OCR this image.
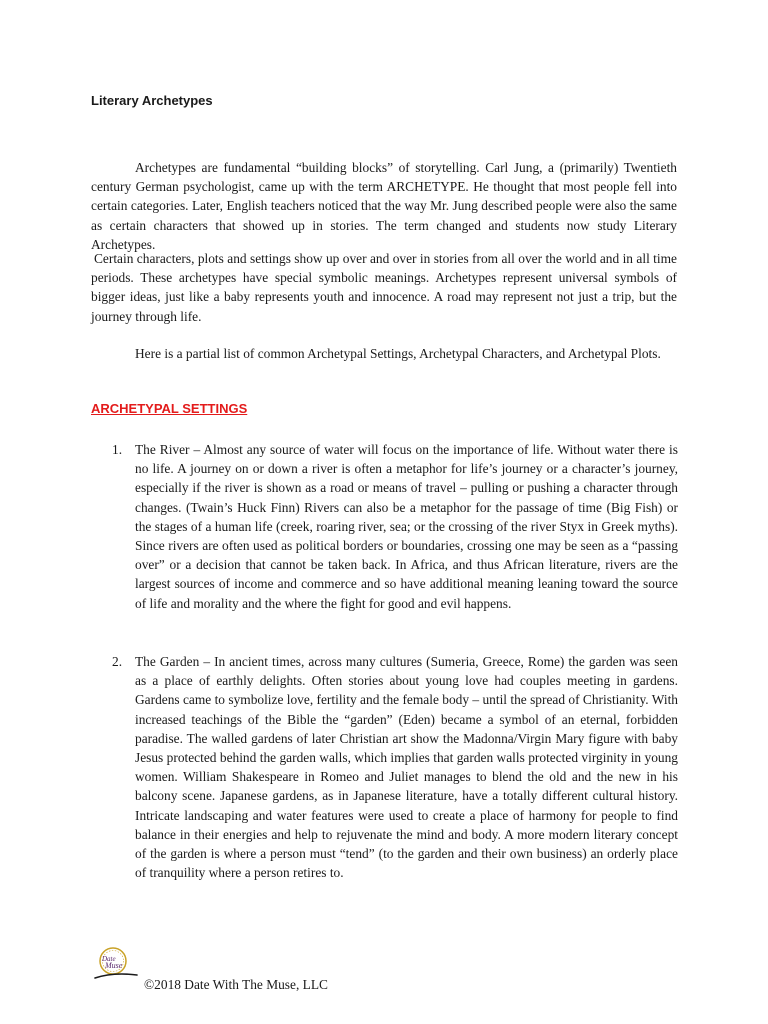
Literary Archetypes

Archetypes are fundamental “building blocks” of storytelling. Carl Jung, a (primarily) Twentieth century German psychologist, came up with the term ARCHETYPE. He thought that most people fell into certain categories. Later, English teachers noticed that the way Mr. Jung described people were also the same as certain characters that showed up in stories. The term changed and students now study Literary Archetypes.

Certain characters, plots and settings show up over and over in stories from all over the world and in all time periods. These archetypes have special symbolic meanings. Archetypes represent universal symbols of bigger ideas, just like a baby represents youth and innocence. A road may represent not just a trip, but the journey through life.

Here is a partial list of common Archetypal Settings, Archetypal Characters, and Archetypal Plots.

ARCHETYPAL SETTINGS
1. The River – Almost any source of water will focus on the importance of life. Without water there is no life. A journey on or down a river is often a metaphor for life’s journey or a character’s journey, especially if the river is shown as a road or means of travel – pulling or pushing a character through changes. (Twain’s Huck Finn) Rivers can also be a metaphor for the passage of time (Big Fish) or the stages of a human life (creek, roaring river, sea; or the crossing of the river Styx in Greek myths). Since rivers are often used as political borders or boundaries, crossing one may be seen as a “passing over” or a decision that cannot be taken back. In Africa, and thus African literature, rivers are the largest sources of income and commerce and so have additional meaning leaning toward the source of life and morality and the where the fight for good and evil happens.

2. The Garden – In ancient times, across many cultures (Sumeria, Greece, Rome) the garden was seen as a place of earthly delights. Often stories about young love had couples meeting in gardens. Gardens came to symbolize love, fertility and the female body – until the spread of Christianity. With increased teachings of the Bible the “garden” (Eden) became a symbol of an eternal, forbidden paradise. The walled gardens of later Christian art show the Madonna/Virgin Mary figure with baby Jesus protected behind the garden walls, which implies that garden walls protected virginity in young women. William Shakespeare in Romeo and Juliet manages to blend the old and the new in his balcony scene. Japanese gardens, as in Japanese literature, have a totally different cultural history. Intricate landscaping and water features were used to create a place of harmony for people to find balance in their energies and help to rejuvenate the mind and body. A more modern literary concept of the garden is where a person must “tend” (to the garden and their own business) an orderly place of tranquility where a person retires to.

Date
Muse

©2018 Date With The Muse, LLC
